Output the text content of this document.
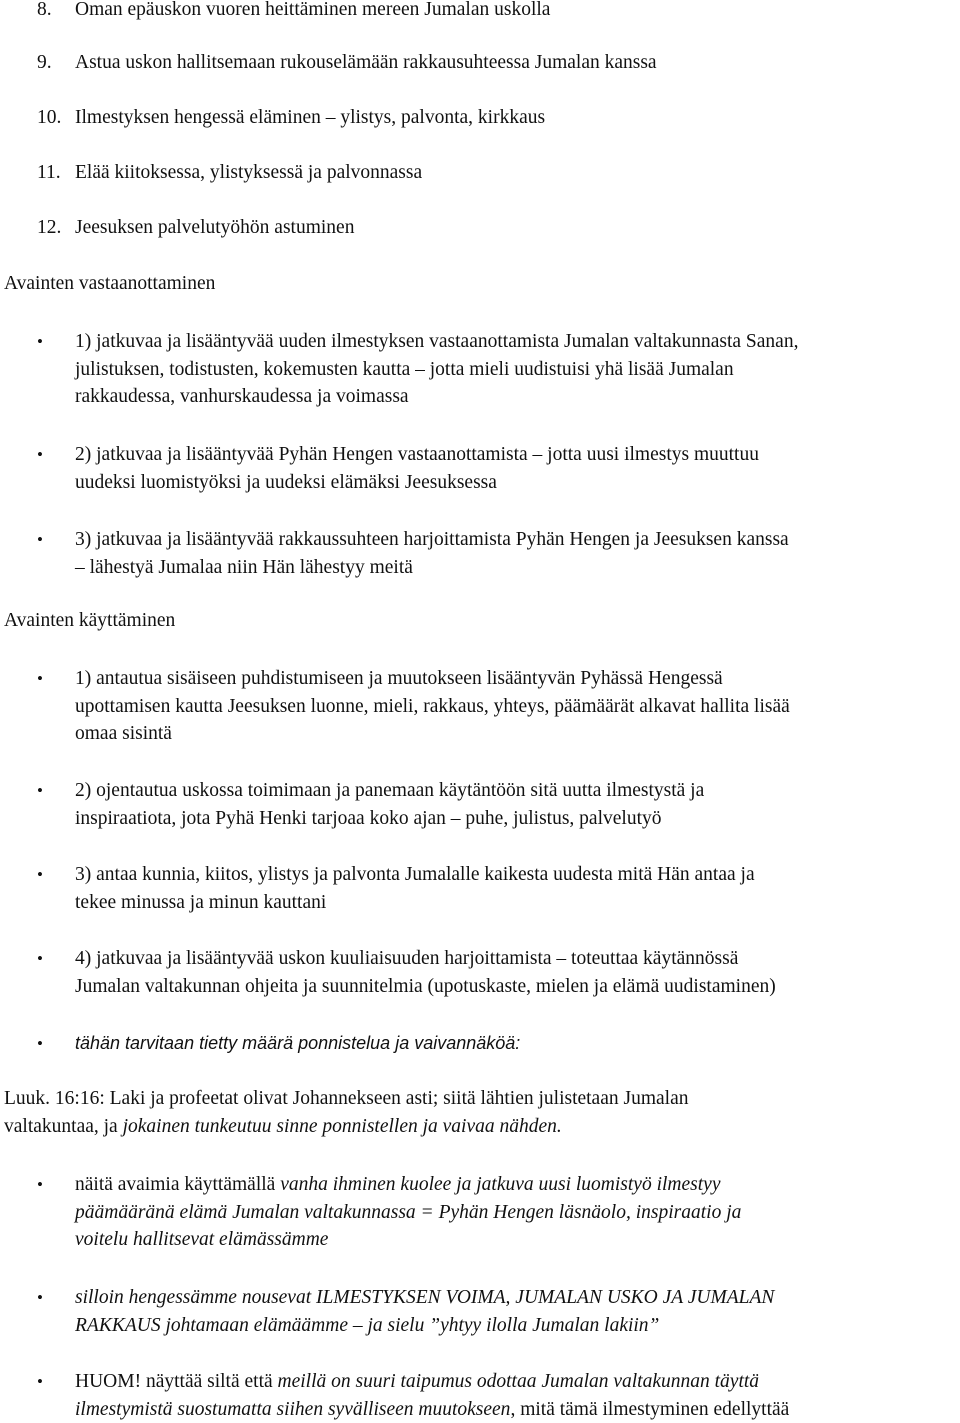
8. Oman epäuskon vuoren heittäminen mereen Jumalan uskolla
9. Astua uskon hallitsemaan rukouselämään rakkausuhteessa Jumalan kanssa
10. Ilmestyksen hengessä eläminen – ylistys, palvonta, kirkkaus
11. Elää kiitoksessa, ylistyksessä ja palvonnassa
12. Jeesuksen palvelutyöhön astuminen
Avainten vastaanottaminen
• 1) jatkuvaa ja lisääntyvää uuden ilmestyksen vastaanottamista Jumalan valtakunnasta Sanan,
julistuksen, todistusten, kokemusten kautta – jotta mieli uudistuisi yhä lisää Jumalan
rakkaudessa, vanhurskaudessa ja voimassa
• 2) jatkuvaa ja lisääntyvää Pyhän Hengen vastaanottamista – jotta uusi ilmestys muuttuu
uudeksi luomistyöksi ja uudeksi elämäksi Jeesuksessa
• 3) jatkuvaa ja lisääntyvää rakkaussuhteen harjoittamista Pyhän Hengen ja Jeesuksen kanssa
– lähestyä Jumalaa niin Hän lähestyy meitä
Avainten käyttäminen
• 1) antautua sisäiseen puhdistumiseen ja muutokseen lisääntyvän Pyhässä Hengessä
upottamisen kautta Jeesuksen luonne, mieli, rakkaus, yhteys, päämäärät alkavat hallita lisää
omaa sisintä
• 2) ojentautua uskossa toimimaan ja panemaan käytäntöön sitä uutta ilmestystä ja
inspiraatiota, jota Pyhä Henki tarjoaa koko ajan – puhe, julistus, palvelutyö
• 3) antaa kunnia, kiitos, ylistys ja palvonta Jumalalle kaikesta uudesta mitä Hän antaa ja
tekee minussa ja minun kauttani
• 4) jatkuvaa ja lisääntyvää uskon kuuliaisuuden harjoittamista – toteuttaa käytännössä
Jumalan valtakunnan ohjeita ja suunnitelmia (upotuskaste, mielen ja elämä uudistaminen)
• tähän tarvitaan tietty määrä ponnistelua ja vaivannäköä:
Luuk. 16:16: Laki ja profeetat olivat Johannekseen asti; siitä lähtien julistetaan Jumalan
valtakuntaa, ja jokainen tunkeutuu sinne ponnistellen ja vaivaa nähden.
• näitä avaimia käyttämällä vanha ihminen kuolee ja jatkuva uusi luomistyö ilmestyy
päämääränä elämä Jumalan valtakunnassa = Pyhän Hengen läsnäolo, inspiraatio ja
voitelu hallitsevat elämässämme
• silloin hengessämme nousevat ILMESTYKSEN VOIMA, JUMALAN USKO JA JUMALAN
RAKKAUS johtamaan elämäämme – ja sielu ”yhtyy ilolla Jumalan lakiin”
• HUOM! näyttää siltä että meillä on suuri taipumus odottaa Jumalan valtakunnan täyttä
ilmestymistä suostumatta siihen syvälliseen muutokseen, mitä tämä ilmestyminen edellyttää
